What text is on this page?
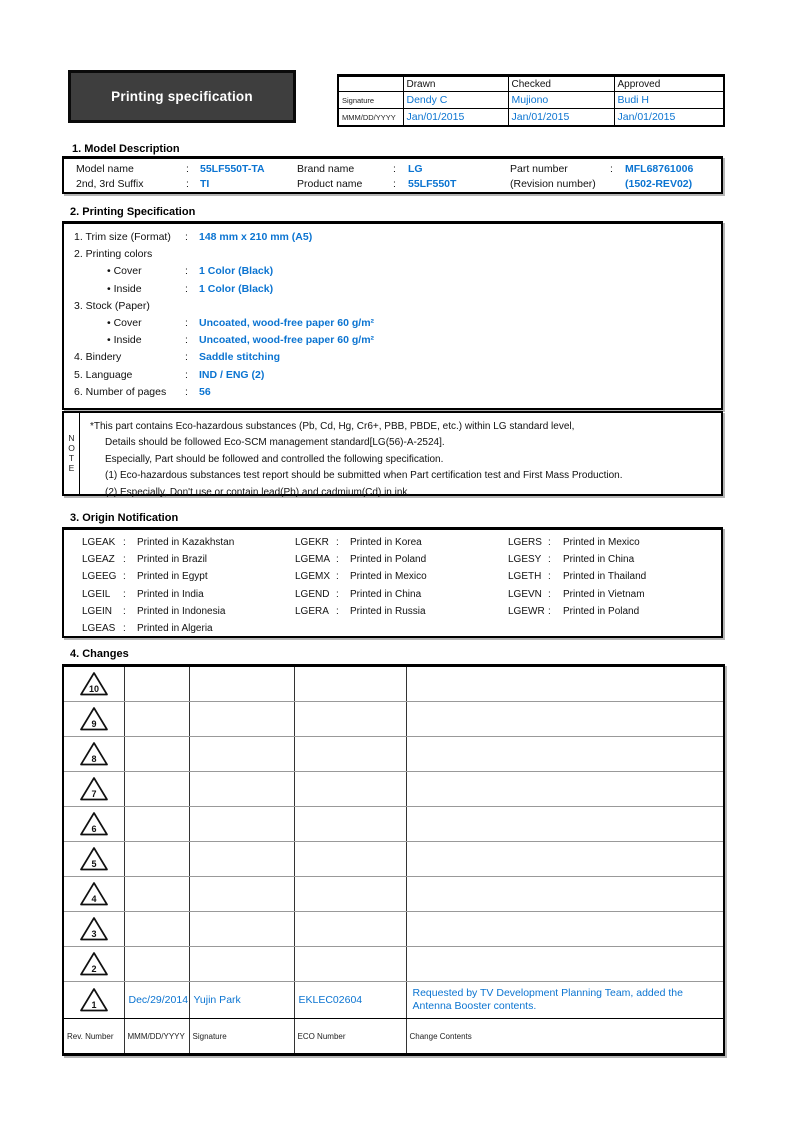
Printing specification
	Drawn	Checked	Approved
Signature	Dendy C	Mujiono	Budi H
MMM/DD/YYYY	Jan/01/2015	Jan/01/2015	Jan/01/2015
1. Model Description
Model name	: 55LF550T-TA	Brand name	: LG	Part number	: MFL68761006
2nd, 3rd Suffix	: TI	Product name	: 55LF550T	(Revision number)	(1502-REV02)
2. Printing Specification
1. Trim size (Format) : 148 mm x 210 mm (A5)
2. Printing colors
• Cover	: 1 Color (Black)
• Inside	: 1 Color (Black)
3. Stock (Paper)
• Cover	: Uncoated, wood-free paper 60 g/m²
• Inside	: Uncoated, wood-free paper 60 g/m²
4. Bindery	: Saddle stitching
5. Language	: IND / ENG (2)
6. Number of pages : 56
N
O
T
E
*This part contains Eco-hazardous substances (Pb, Cd, Hg, Cr6+, PBB, PBDE, etc.) within LG standard level,
Details should be followed Eco-SCM management standard[LG(56)-A-2524].
Especially, Part should be followed and controlled the following specification.
(1) Eco-hazardous substances test report should be submitted when Part certification test and First Mass Production.
(2) Especially, Don't use or contain lead(Pb) and cadmium(Cd) in ink.
3. Origin Notification
LGEAK : Printed in Kazakhstan	LGEKR : Printed in Korea	LGERS : Printed in Mexico
LGEAZ : Printed in Brazil	LGEMA : Printed in Poland	LGESY : Printed in China
LGEEG : Printed in Egypt	LGEMX : Printed in Mexico	LGETH : Printed in Thailand
LGEIL : Printed in India	LGEND : Printed in China	LGEVN : Printed in Vietnam
LGEIN : Printed in Indonesia	LGERA : Printed in Russia	LGEWR : Printed in Poland
LGEAS : Printed in Algeria
4. Changes
10				

9				

8				

7				

6				

5				

4				

3				

2				

1	Dec/29/2014	Yujin Park	EKLEC02604	Requested by TV Development Planning Team, added the Antenna Booster contents.
Rev. Number	MMM/DD/YYYY	Signature	ECO Number	Change Contents
